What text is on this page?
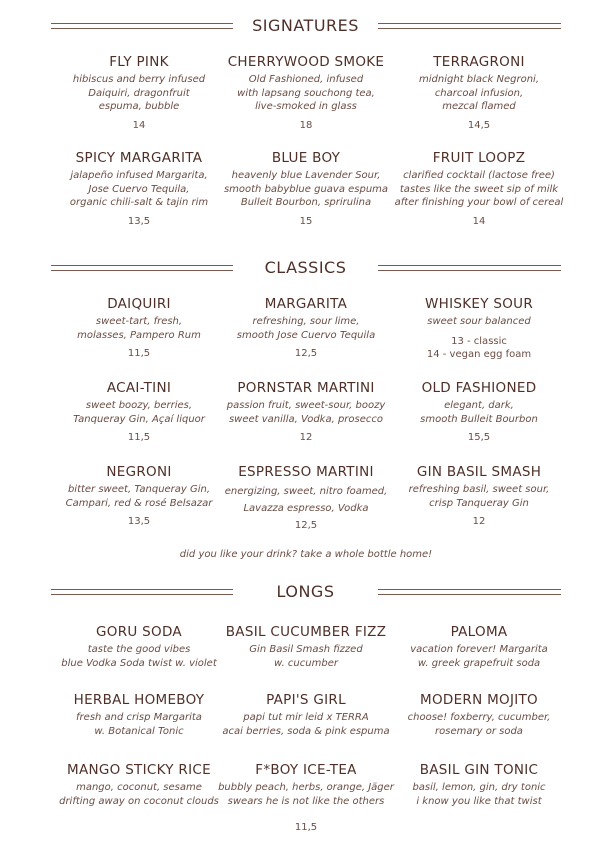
SIGNATURES
FLY PINK
hibiscus and berry infused
Daiquiri, dragonfruit
espuma, bubble
14
CHERRYWOOD SMOKE
Old Fashioned, infused
with lapsang souchong tea,
live-smoked in glass
18
TERRAGRONI
midnight black Negroni,
charcoal infusion,
mezcal flamed
14,5
SPICY MARGARITA
jalapeño infused Margarita,
Jose Cuervo Tequila,
organic chili-salt & tajin rim
13,5
BLUE BOY
heavenly blue Lavender Sour,
smooth babyblue guava espuma
Bulleit Bourbon, sprirulina
15
FRUIT LOOPZ
clarified cocktail (lactose free)
tastes like the sweet sip of milk
after finishing your bowl of cereal
14
CLASSICS
DAIQUIRI
sweet-tart, fresh,
molasses, Pampero Rum
11,5
MARGARITA
refreshing, sour lime,
smooth Jose Cuervo Tequila
12,5
WHISKEY SOUR
sweet sour balanced
13 - classic
14 - vegan egg foam
ACAI-TINI
sweet boozy, berries,
Tanqueray Gin, Açaí liquor
11,5
PORNSTAR MARTINI
passion fruit, sweet-sour, boozy
sweet vanilla, Vodka, prosecco
12
OLD FASHIONED
elegant, dark,
smooth Bulleit Bourbon
15,5
NEGRONI
bitter sweet, Tanqueray Gin,
Campari, red & rosé Belsazar
13,5
ESPRESSO MARTINI
energizing, sweet, nitro foamed,
Lavazza espresso, Vodka
12,5
GIN BASIL SMASH
refreshing basil, sweet sour,
crisp Tanqueray Gin
12
did you like your drink? take a whole bottle home!
LONGS
GORU SODA
taste the good vibes
blue Vodka Soda twist w. violet
BASIL CUCUMBER FIZZ
Gin Basil Smash fizzed
w. cucumber
PALOMA
vacation forever! Margarita
w. greek grapefruit soda
HERBAL HOMEBOY
fresh and crisp Margarita
w. Botanical Tonic
PAPI'S GIRL
papi tut mir leid x TERRA
acai berries, soda & pink espuma
MODERN MOJITO
choose! foxberry, cucumber,
rosemary or soda
MANGO STICKY RICE
mango, coconut, sesame
drifting away on coconut clouds
F*BOY ICE-TEA
bubbly peach, herbs, orange, Jäger
swears he is not like the others
BASIL GIN TONIC
basil, lemon, gin, dry tonic
i know you like that twist
11,5
